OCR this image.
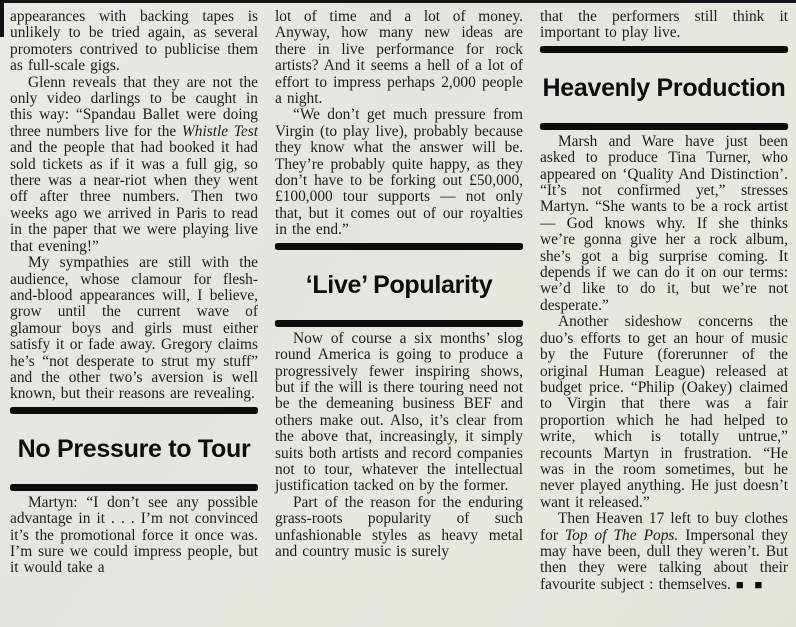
appearances with backing tapes is unlikely to be tried again, as several promoters contrived to publicise them as full-scale gigs.

Glenn reveals that they are not the only video darlings to be caught in this way: “Spandau Ballet were doing three numbers live for the Whistle Test and the people that had booked it had sold tickets as if it was a full gig, so there was a near-riot when they went off after three numbers. Then two weeks ago we arrived in Paris to read in the paper that we were playing live that evening!”

My sympathies are still with the audience, whose clamour for flesh-and-blood appearances will, I believe, grow until the current wave of glamour boys and girls must either satisfy it or fade away. Gregory claims he’s “not desperate to strut my stuff” and the other two’s aversion is well known, but their reasons are revealing.

No Pressure to Tour

Martyn: “I don’t see any possible advantage in it . . . I’m not convinced it’s the promotional force it once was. I’m sure we could impress people, but it would take a

lot of time and a lot of money. Anyway, how many new ideas are there in live performance for rock artists? And it seems a hell of a lot of effort to impress perhaps 2,000 people a night.

“We don’t get much pressure from Virgin (to play live), probably because they know what the answer will be. They’re probably quite happy, as they don’t have to be forking out £50,000, £100,000 tour supports — not only that, but it comes out of our royalties in the end.”

‘Live’ Popularity

Now of course a six months’ slog round America is going to produce a progressively fewer inspiring shows, but if the will is there touring need not be the demeaning business BEF and others make out. Also, it’s clear from the above that, increasingly, it simply suits both artists and record companies not to tour, whatever the intellectual justification tacked on by the former.

Part of the reason for the enduring grass-roots popularity of such unfashionable styles as heavy metal and country music is surely

that the performers still think it important to play live.

Heavenly Production

Marsh and Ware have just been asked to produce Tina Turner, who appeared on ‘Quality And Distinction’. “It’s not confirmed yet,” stresses Martyn. “She wants to be a rock artist — God knows why. If she thinks we’re gonna give her a rock album, she’s got a big surprise coming. It depends if we can do it on our terms: we’d like to do it, but we’re not desperate.”

Another sideshow concerns the duo’s efforts to get an hour of music by the Future (forerunner of the original Human League) released at budget price. “Philip (Oakey) claimed to Virgin that there was a fair proportion which he had helped to write, which is totally untrue,” recounts Martyn in frustration. “He was in the room sometimes, but he never played anything. He just doesn’t want it released.”

Then Heaven 17 left to buy clothes for Top of The Pops. Impersonal they may have been, dull they weren’t. But then they were talking about their favourite subject : themselves. ■ ■
